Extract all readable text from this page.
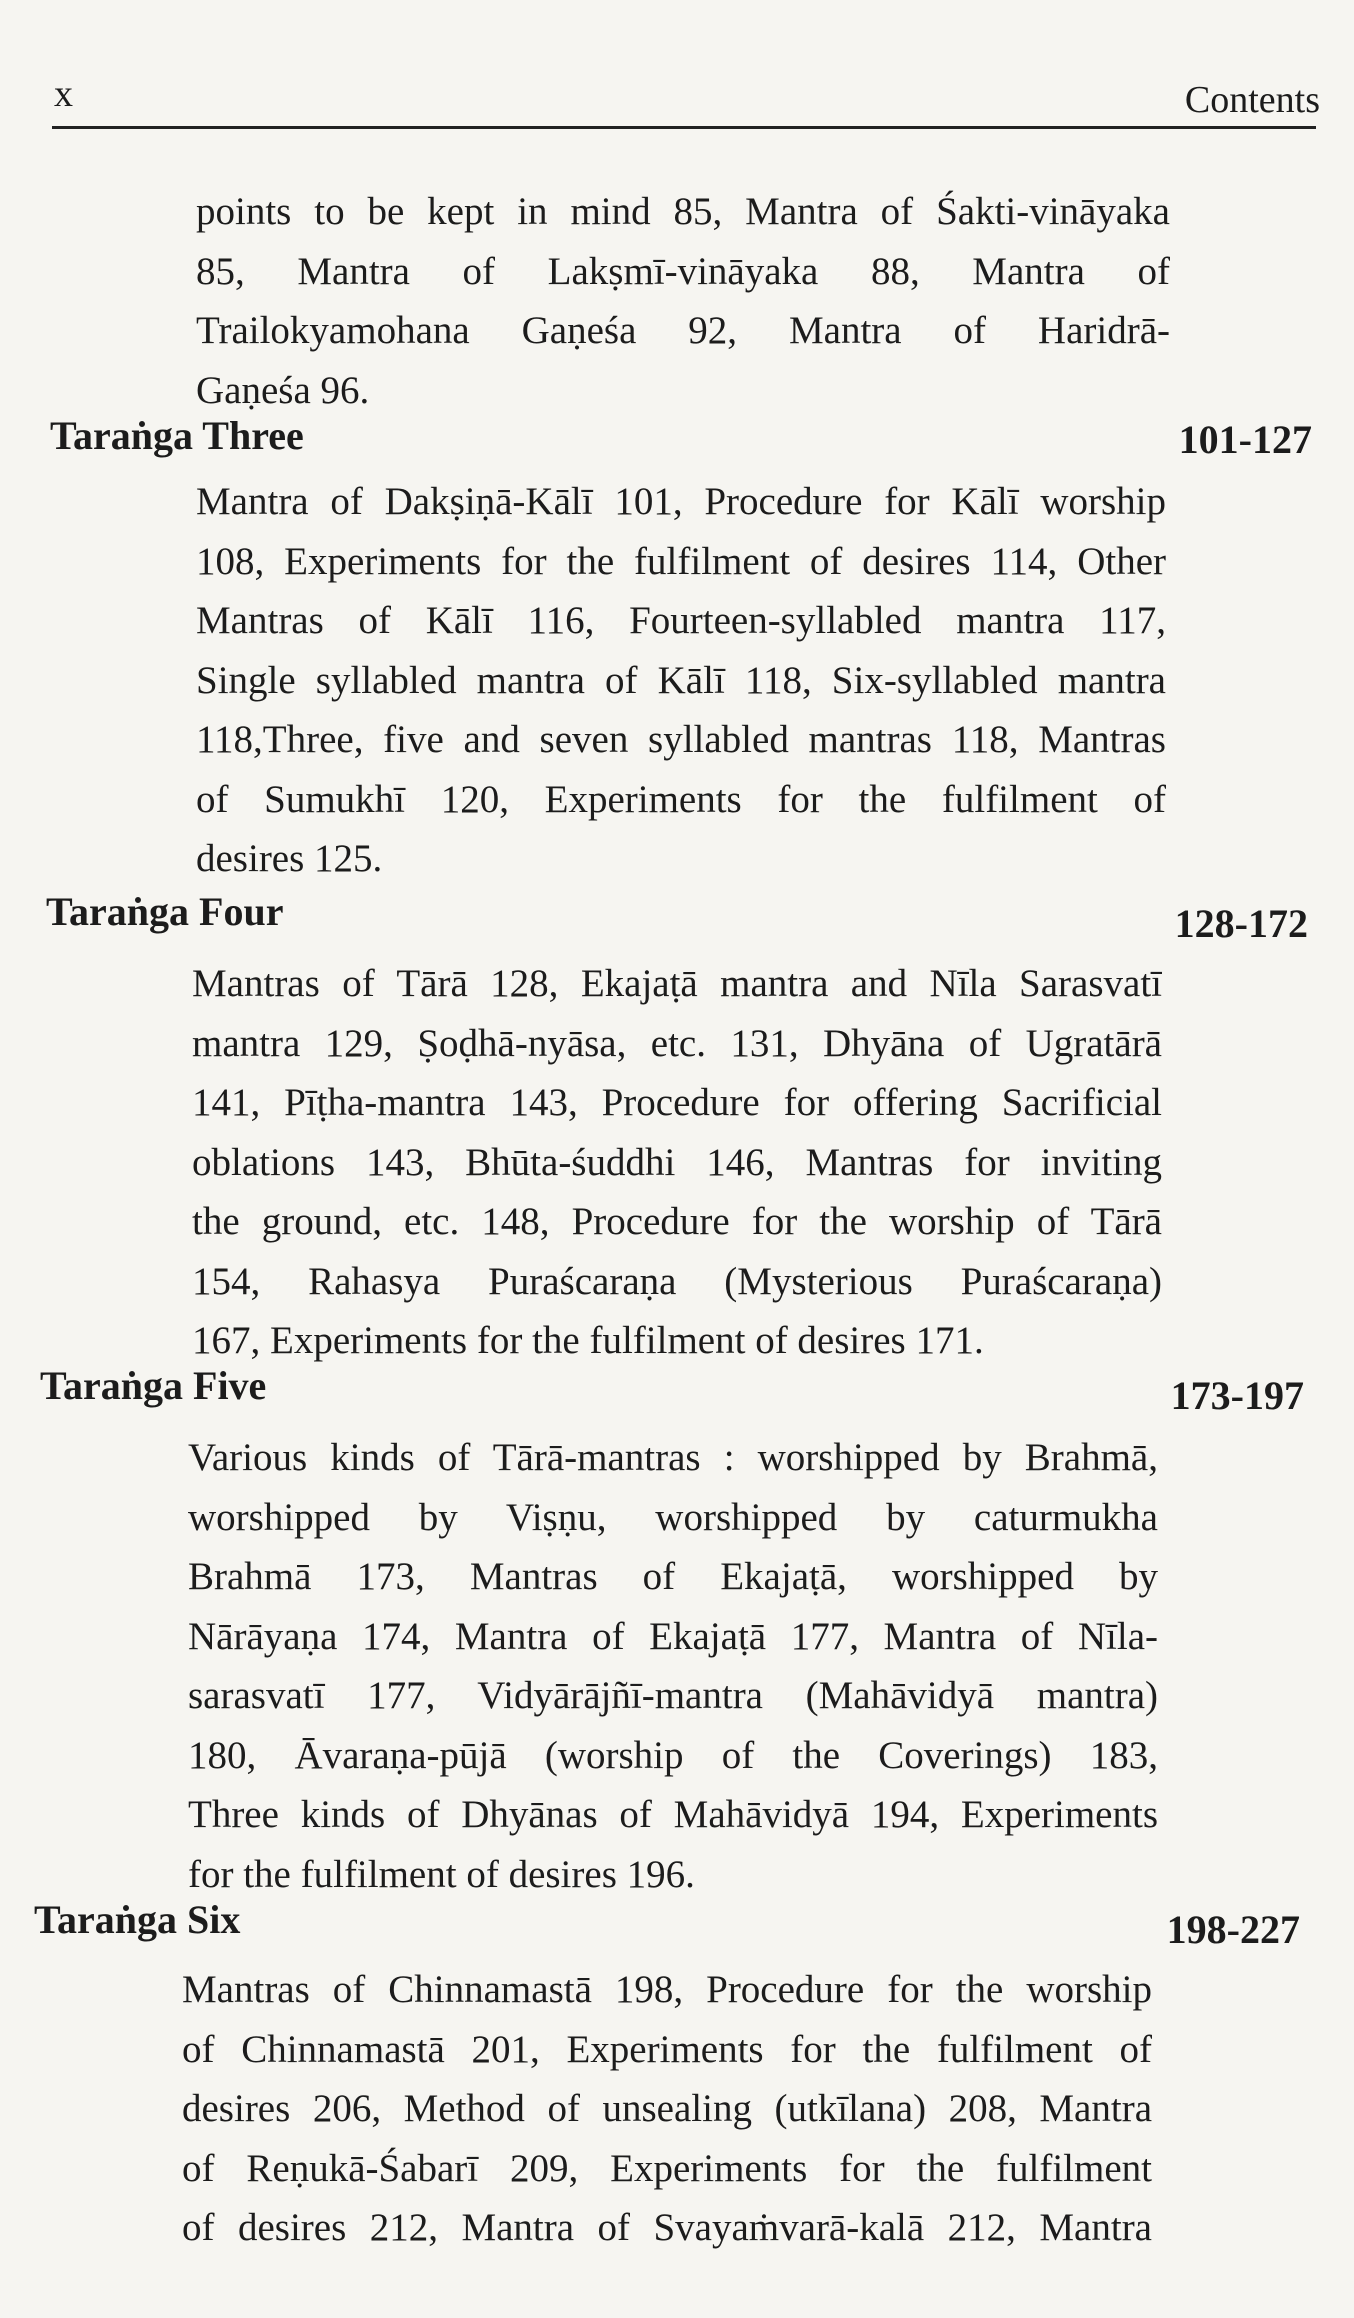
x	Contents
points to be kept in mind 85, Mantra of Śakti-vināyaka
85, Mantra of Lakṣmī-vināyaka 88, Mantra of
Trailokyamohana Gaṇeśa 92, Mantra of Haridrā-
Gaṇeśa 96.
Taraṅga Three	101-127
Mantra of Dakṣiṇā-Kālī 101, Procedure for Kālī worship
108, Experiments for the fulfilment of desires 114, Other
Mantras of Kālī 116, Fourteen-syllabled mantra 117,
Single syllabled mantra of Kālī 118, Six-syllabled mantra
118,Three, five and seven syllabled mantras 118, Mantras
of Sumukhī 120, Experiments for the fulfilment of
desires 125.
Taraṅga Four	128-172
Mantras of Tārā 128, Ekajaṭā mantra and Nīla Sarasvatī
mantra 129, Ṣoḍhā-nyāsa, etc. 131, Dhyāna of Ugratārā
141, Pīṭha-mantra 143, Procedure for offering Sacrificial
oblations 143, Bhūta-śuddhi 146, Mantras for inviting
the ground, etc. 148, Procedure for the worship of Tārā
154, Rahasya Puraścaraṇa (Mysterious Puraścaraṇa)
167, Experiments for the fulfilment of desires 171.
Taraṅga Five	173-197
Various kinds of Tārā-mantras : worshipped by Brahmā,
worshipped by Viṣṇu, worshipped by caturmukha
Brahmā 173, Mantras of Ekajaṭā, worshipped by
Nārāyaṇa 174, Mantra of Ekajaṭā 177, Mantra of Nīla-
sarasvatī 177, Vidyārājñī-mantra (Mahāvidyā mantra)
180, Āvaraṇa-pūjā (worship of the Coverings) 183,
Three kinds of Dhyānas of Mahāvidyā 194, Experiments
for the fulfilment of desires 196.
Taraṅga Six	198-227
Mantras of Chinnamastā 198, Procedure for the worship
of Chinnamastā 201, Experiments for the fulfilment of
desires 206, Method of unsealing (utkīlana) 208, Mantra
of Reṇukā-Śabarī 209, Experiments for the fulfilment
of desires 212, Mantra of Svayaṁvarā-kalā 212, Mantra
